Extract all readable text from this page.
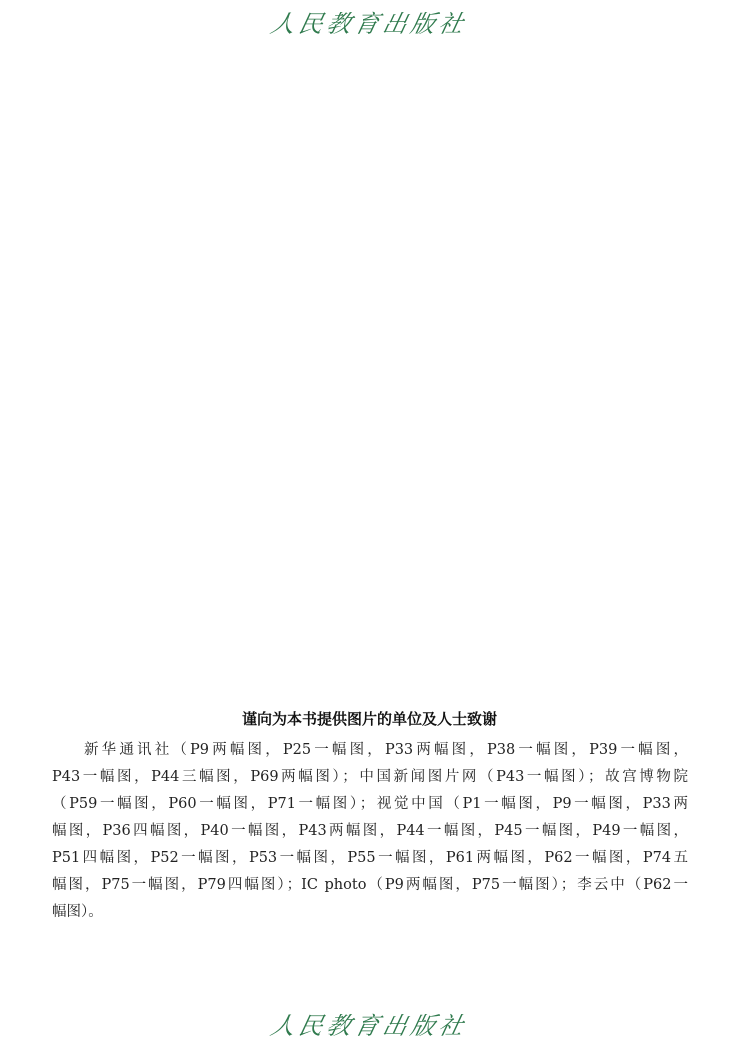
人民教育出版社
谨向为本书提供图片的单位及人士致谢
新华通讯社（P9两幅图，P25一幅图，P33两幅图，P38一幅图，P39一幅图，
P43一幅图，P44三幅图，P69两幅图）；中国新闻图片网（P43一幅图）；故宫博物院
（P59一幅图，P60一幅图，P71一幅图）；视觉中国（P1一幅图，P9一幅图，P33两
幅图，P36四幅图，P40一幅图，P43两幅图，P44一幅图，P45一幅图，P49一幅图，
P51四幅图，P52一幅图，P53一幅图，P55一幅图，P61两幅图，P62一幅图，P74五
幅图，P75一幅图，P79四幅图）；IC photo（P9两幅图，P75一幅图）；李云中（P62一
幅图）。
人民教育出版社
